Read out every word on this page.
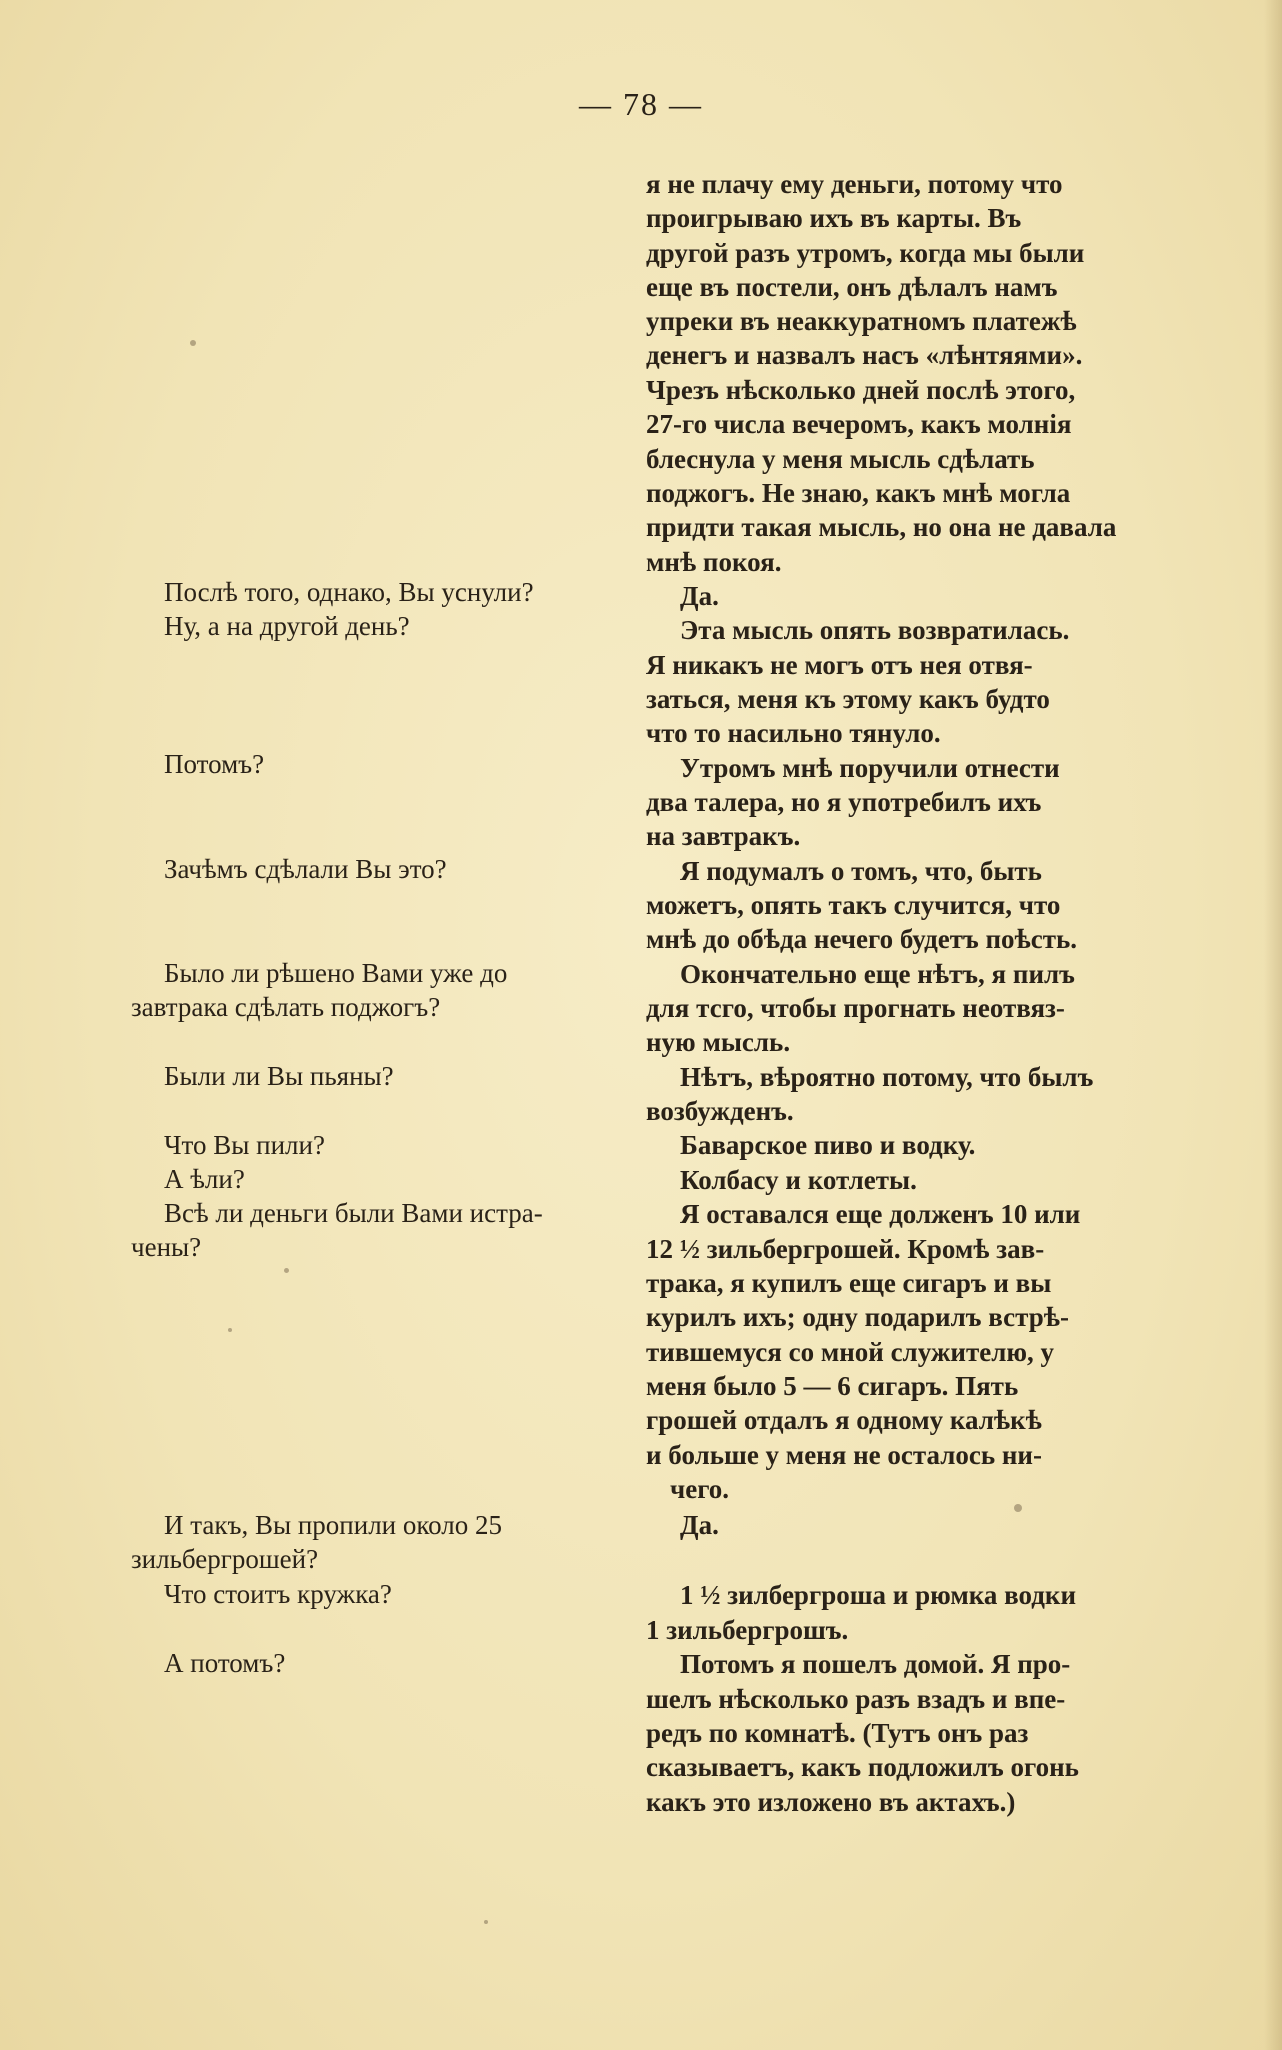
— 78 —
Послѣ того, однако, Вы уснули?
Ну, а на другой день?
Потомъ?
Зачѣмъ сдѣлали Вы это?
Было ли рѣшено Вами уже до
завтрака сдѣлать поджогъ?
Были ли Вы пьяны?
Что Вы пили?
А ѣли?
Всѣ ли деньги были Вами истра-
чены?
И такъ, Вы пропили около 25
зильбергрошей?
Что стоитъ кружка?
А потомъ?
я не плачу ему деньги, потому что
проигрываю ихъ въ карты. Въ
другой разъ утромъ, когда мы были
еще въ постели, онъ дѣлалъ намъ
упреки въ неаккуратномъ платежѣ
денегъ и назвалъ насъ «лѣнтяями».
Чрезъ нѣсколько дней послѣ этого,
27-го числа вечеромъ, какъ молнія
блеснула у меня мысль сдѣлать
поджогъ. Не знаю, какъ мнѣ могла
придти такая мысль, но она не давала
мнѣ покоя.
Да.
Эта мысль опять возвратилась.
Я никакъ не могъ отъ нея отвя-
заться, меня къ этому какъ будто
что то насильно тянуло.
Утромъ мнѣ поручили отнести
два талера, но я употребилъ ихъ
на завтракъ.
Я подумалъ о томъ, что, быть
можетъ, опять такъ случится, что
мнѣ до обѣда нечего будетъ поѣсть.
Окончательно еще нѣтъ, я пилъ
для тсго, чтобы прогнать неотвяз-
ную мысль.
Нѣтъ, вѣроятно потому, что былъ
возбужденъ.
Баварское пиво и водку.
Колбасу и котлеты.
Я оставался еще долженъ 10 или
12 ½ зильбергрошей. Кромѣ зав-
трака, я купилъ еще сигаръ и вы
курилъ ихъ; одну подарилъ встрѣ-
тившемуся со мной служителю, у
меня было 5 — 6 сигаръ. Пять
грошей отдалъ я одному калѣкѣ
и больше у меня не осталось ни-
чего.
Да.
1 ½ зилбергроша и рюмка водки
1 зильбергрошъ.
Потомъ я пошелъ домой. Я про-
шелъ нѣсколько разъ взадъ и впе-
редъ по комнатѣ. (Тутъ онъ раз
сказываетъ, какъ подложилъ огонь
какъ это изложено въ актахъ.)
